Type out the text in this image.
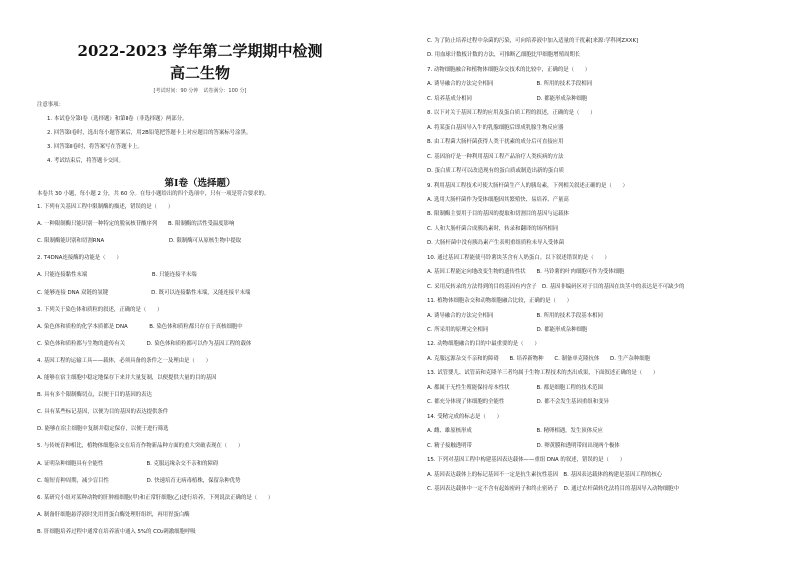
2022-2023 学年第二学期期中检测
高二生物
[考试时间：90 分钟　试卷满分：100 分]
注意事项：
1. 本试卷分第Ⅰ卷（选择题）和第Ⅱ卷（非选择题）两部分。
2. 回答第Ⅰ卷时，选出每小题答案后，用2B铅笔把答题卡上对应题目的答案标号涂黑。
3. 回答第Ⅱ卷时，将答案写在答题卡上。
4. 考试结束后，将答题卡交回。
第Ⅰ卷（选择题）
本卷共 30 小题，每小题 2 分，共 60 分。在每小题给出的四个选项中，只有一项是符合要求的。
1. 下列有关基因工程中限制酶的描述，错误的是（　　）
A. 一种限制酶只能识别一种特定的脱氧核苷酸序列　　B. 限制酶的活性受温度影响
C. 限制酶能识别和切割RNA　　　　　　　　　　　　D. 限制酶可从原核生物中提取
2. T4DNA连接酶的功能是（　　）
A. 只能连接黏性末端　　　　　　　　　　　　B. 只能连接平末端
C. 能够连接 DNA 双链的氢键　　　　　　　　D. 既可以连接黏性末端，又能连接平末端
3. 下列关于染色体和质粒的叙述，正确的是（　　）
A. 染色体和质粒的化学本质都是 DNA　　　　B. 染色体和质粒都只存在于真核细胞中
C. 染色体和质粒都与生物的遗传有关　　　　D. 染色体和质粒都可以作为基因工程的载体
4. 基因工程的运输工具——载体，必须具备的条件之一及理由是（　　）
A. 能够在宿主细胞中稳定地保存下来并大量复制，以便提供大量的目的基因
B. 具有多个限制酶切点，以便于目的基因的表达
C. 具有某些标记基因，以便为目的基因的表达提供条件
D. 能够在宿主细胞中复制并稳定保存，以便于进行筛选
5. 与传统育种相比，植物体细胞杂交在培育作物新品种方面的重大突破表现在（　　）
A. 证明杂种细胞具有全能性　　　　　　　　B. 克服远缘杂交不亲和的障碍
C. 缩短育种周期，减少盲目性　　　　　　　D. 快速培育无病毒植株，保留杂种优势
6. 某研究小组对某种动物的肝肿瘤细胞(甲)和正常肝细胞(乙)进行培养，下列说法正确的是（　　）
A. 制备肝细胞悬浮液时先用胃蛋白酶处理肝组织，再用胃蛋白酶
B. 肝细胞培养过程中通常在培养液中通入 5%的 CO₂刺激细胞呼吸
C. 为了防止培养过程中杂菌的污染，可向培养液中加入适量的干扰素[来源:学科网ZXXK]
D. 用血球计数板计数的方法，可推断乙细胞比甲细胞增殖周期长
7. 动物细胞融合和植物体细胞杂交技术的比较中，正确的是（　　）
A. 诱导融合的方法完全相同　　　　　　　　B. 所用的技术手段相同
C. 培养基成分相同　　　　　　　　　　　　D. 都能形成杂种细胞
8. 以下对关于基因工程的应用及蛋白质工程的叙述，正确的是（　　）
A. 将某蛋白基因导入牛的乳腺细胞后即成乳腺生物反应器
B. 由工程菌大肠杆菌获得人类干扰素的成分后可直接应用
C. 基因治疗是一种利用基因工程产品治疗人类疾病的方法
D. 蛋白质工程可以改造现有的蛋白质或制造出新的蛋白质
9. 利用基因工程技术可使大肠杆菌生产人的胰岛素，下列相关叙述正确的是（　　）
A. 选用大肠杆菌作为受体细胞因其繁殖快、易培养、产量高
B. 限制酶主要用于目的基因的提取和切割目的基因与运载体
C. 人和大肠杆菌合成胰岛素时，转录和翻译的场所相同
D. 大肠杆菌中没有胰岛素产生表明重组质粒未导入受体菌
10. 通过基因工程能使马铃薯块茎含有人奶蛋白。以下叙述错误的是（　　）
A. 基因工程能定向地改变生物的遗传性状　　B. 马铃薯的叶肉细胞可作为受体细胞
C. 采用反转录的方法得到的目的基因有内含子　D. 基因非编码区对于目的基因在块茎中的表达是不可缺少的
11. 植物体细胞杂交和动物细胞融合比较，正确的是（　　）
A. 诱导融合的方法完全相同　　　　　　　　B. 所用的技术手段基本相同
C. 所采用的原理完全相同　　　　　　　　　D. 都能形成杂种细胞
12. 动物细胞融合的目的中最重要的是（　　）
A. 克服远源杂交不亲和的障碍　　B. 培养新物种　　C. 制备单克隆抗体　　D. 生产杂种细胞
13. 试管婴儿、试管苗和克隆羊三者均属于生物工程技术的杰出成果，下面叙述正确的是（　　）
A. 都属于无性生殖能保持母本性状　　　　　B. 都是细胞工程的技术范围
C. 都充分体现了体细胞的全能性　　　　　　D. 都不会发生基因重组和变异
14. 受精完成的标志是（　　）
A. 雌、雄原核形成　　　　　　　　　　　　B. 精卵相遇，发生顶体反应
C. 精子接触透明带　　　　　　　　　　　　D. 卵黄膜和透明带间出现两个极体
15. 下列对基因工程中构建基因表达载体——重组 DNA 的叙述，错误的是（　　）
A. 基因表达载体上的标记基因不一定是抗生素抗性基因　B. 基因表达载体的构建是基因工程的核心
C. 基因表达载体中一定不含有起始密码子和终止密码子　D. 通过农杆菌转化法将目的基因导入动物细胞中
